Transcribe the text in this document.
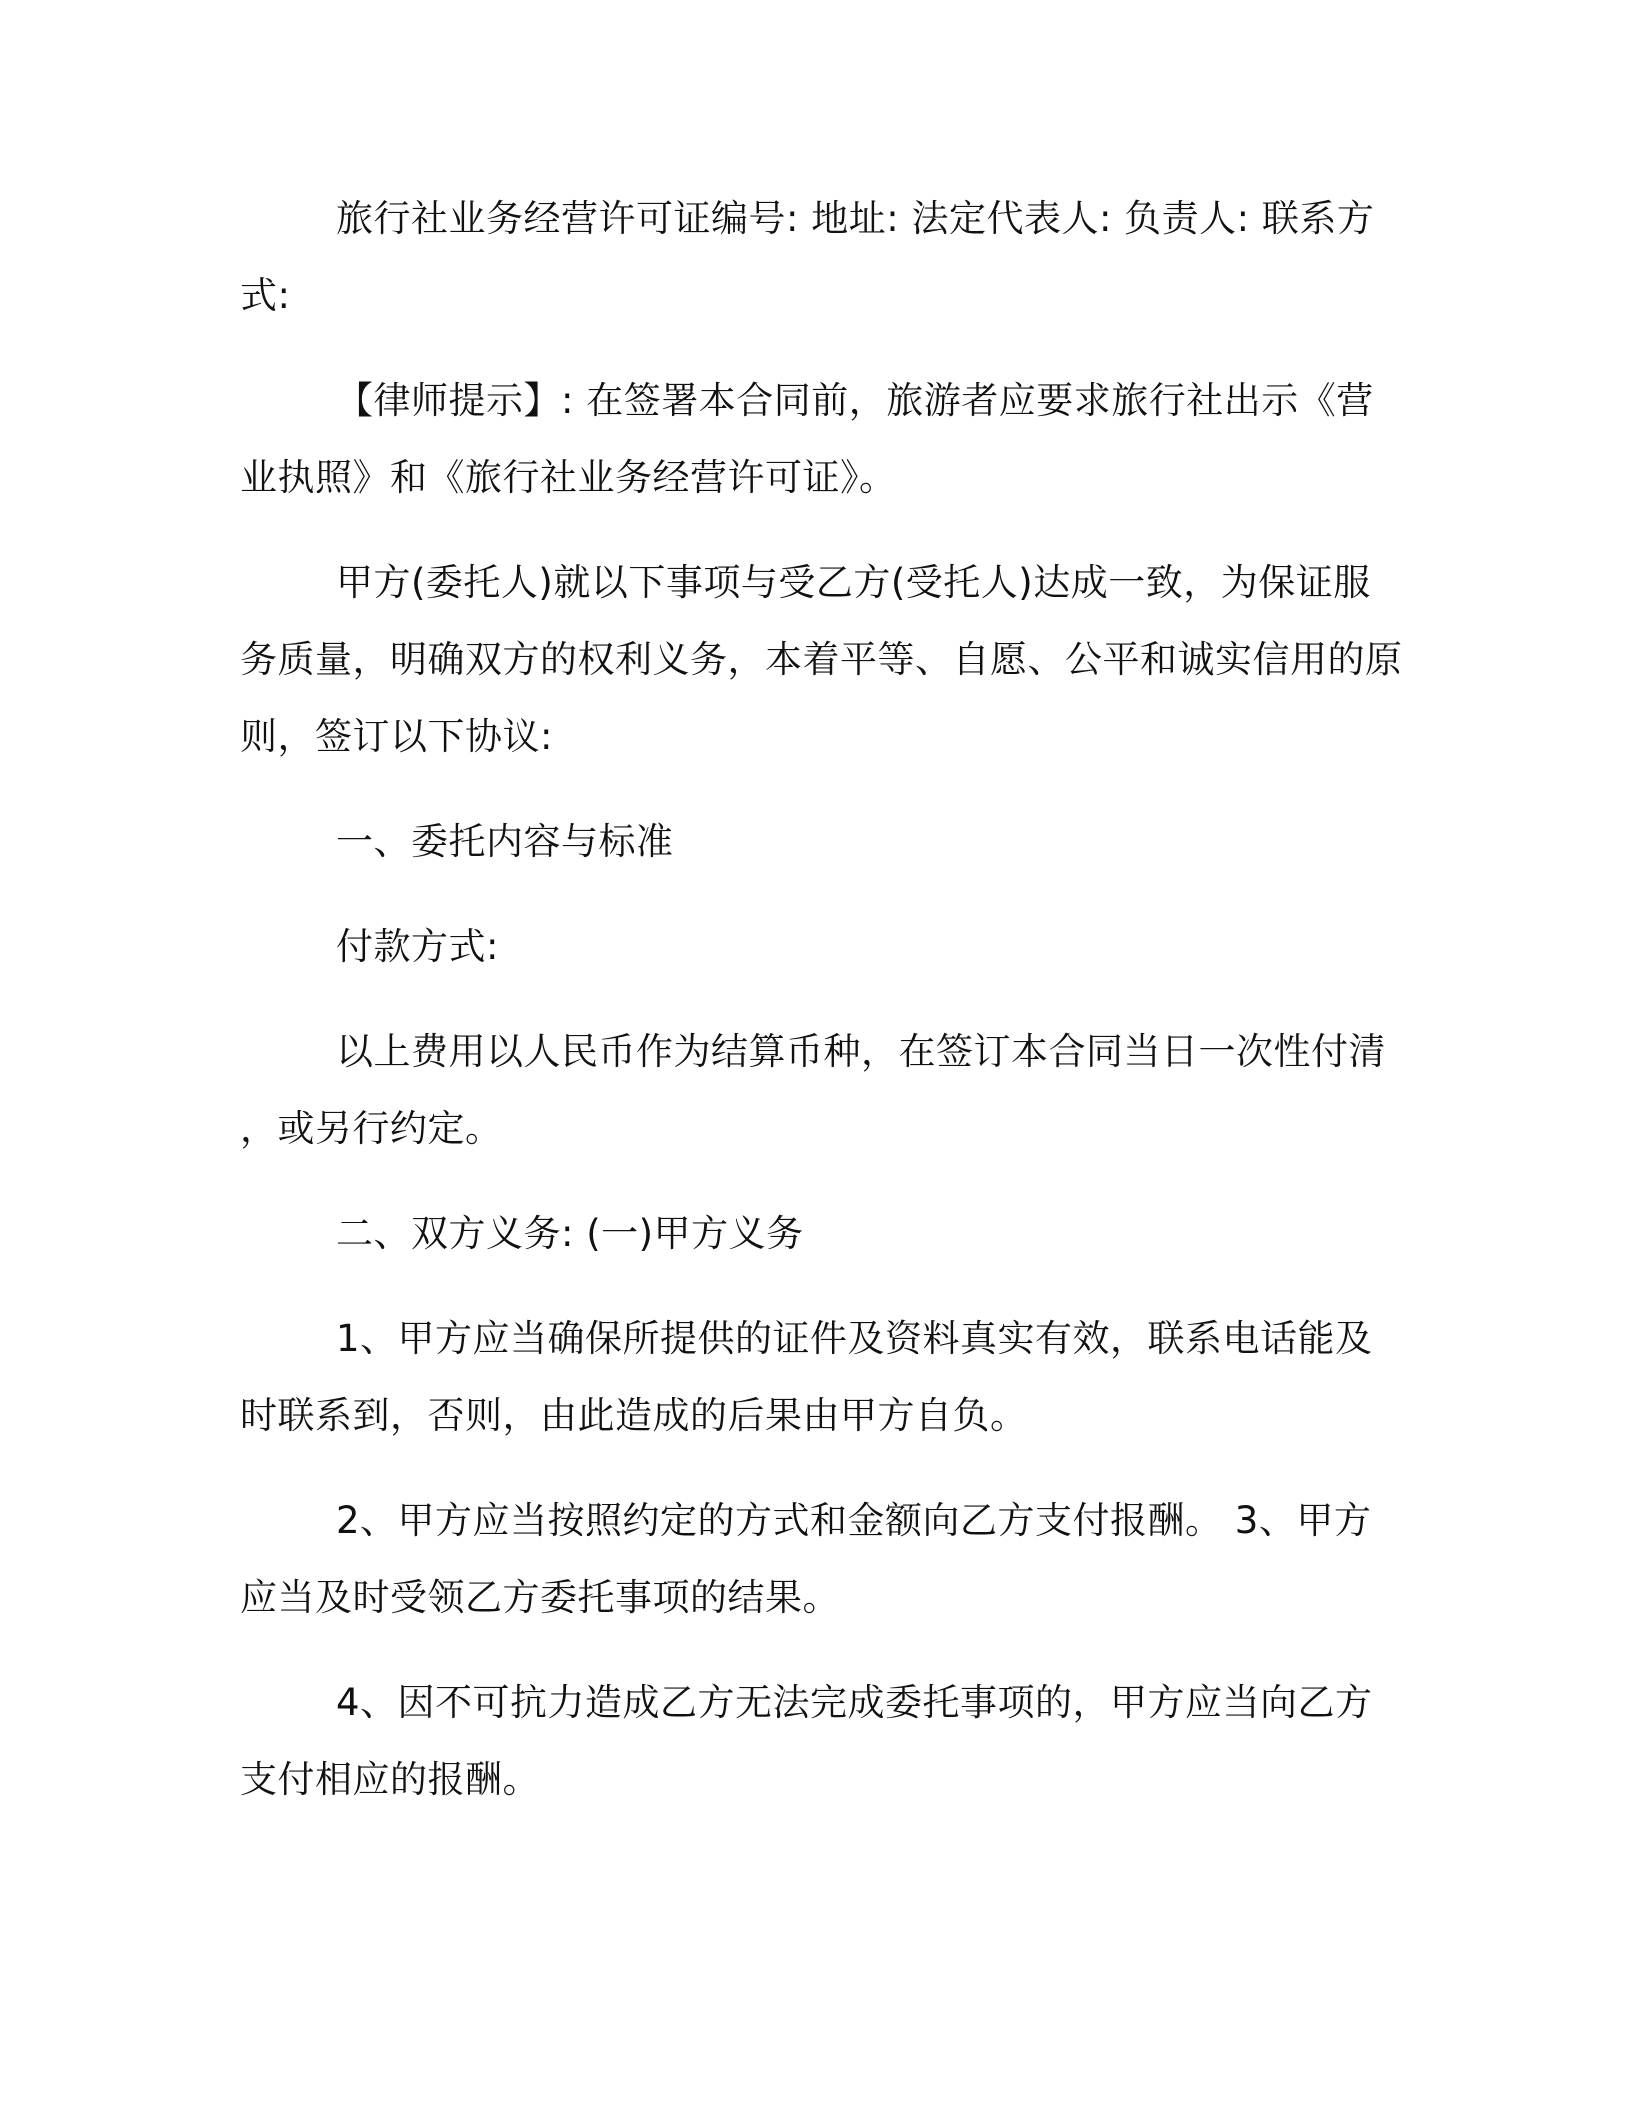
旅行社业务经营许可证编号: 地址: 法定代表人: 负责人: 联系方式:

【律师提示】: 在签署本合同前，旅游者应要求旅行社出示《营业执照》和《旅行社业务经营许可证》。

甲方(委托人)就以下事项与受乙方(受托人)达成一致，为保证服务质量，明确双方的权利义务，本着平等、自愿、公平和诚实信用的原则，签订以下协议:

一、委托内容与标准

付款方式:

以上费用以人民币作为结算币种，在签订本合同当日一次性付清，或另行约定。

二、双方义务: (一)甲方义务

1、甲方应当确保所提供的证件及资料真实有效，联系电话能及时联系到，否则，由此造成的后果由甲方自负。

2、甲方应当按照约定的方式和金额向乙方支付报酬。 3、甲方应当及时受领乙方委托事项的结果。

4、因不可抗力造成乙方无法完成委托事项的，甲方应当向乙方支付相应的报酬。
